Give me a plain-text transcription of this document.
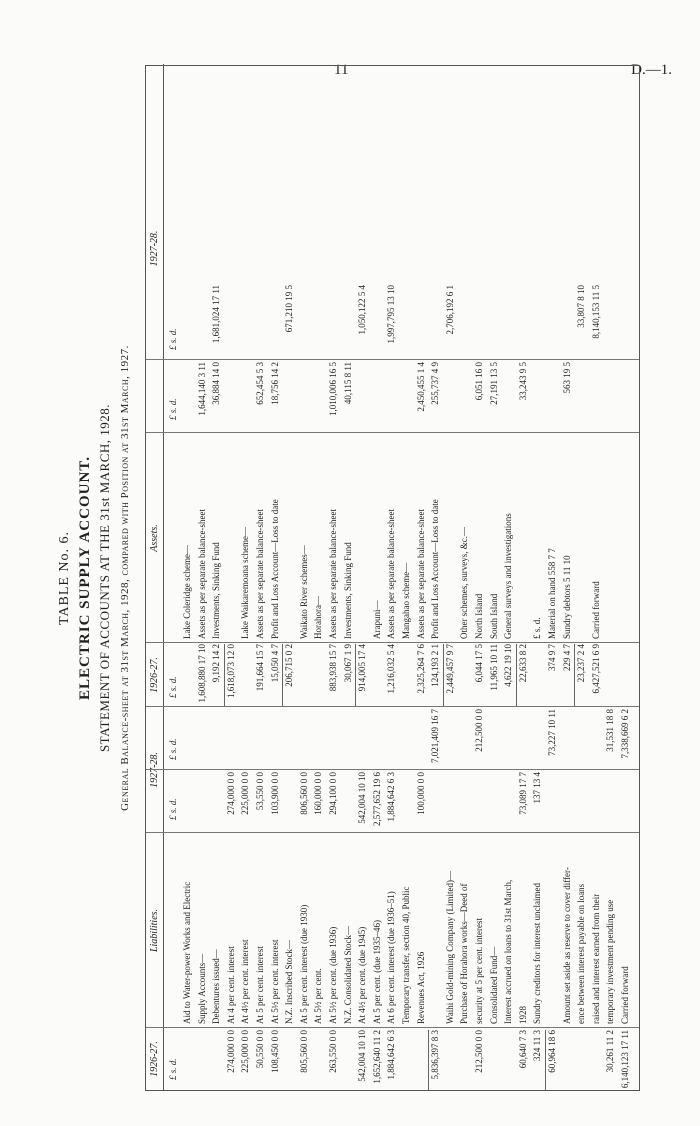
11	D.—1.
TABLE No. 6. ELECTRIC SUPPLY ACCOUNT. STATEMENT OF ACCOUNTS AT THE 31st MARCH, 1928. General Balance-sheet at 31st March, 1928, compared with Position at 31st March, 1927.
1926-27.
Liabilities.
1927-28.
1926-27.
Assets.
1927-28.
£ s. d.
£ s. d.
£ s. d.
£ s. d.
£ s. d.
£ s. d.
Aid to Water-power Works and Electric Supply Accounts— Debentures issued—
274,000 0 0
At 4 per cent. interest
274,000 0 0
225,000 0 0
At 4½ per cent. interest
225,000 0 0
50,550 0 0
At 5 per cent. interest
53,550 0 0
108,450 0 0
At 5½ per cent. interest
103,900 0 0
N.Z. Inscribed Stock—
805,560 0 0
At 5 per cent. interest (due 1930)
806,560 0 0
At 5½ per cent.
160,000 0 0
263,550 0 0
At 5½ per cent. (due 1936)
294,100 0 0
N.Z. Consolidated Stock—
542,004 10 10
At 4½ per cent. (due 1945)
542,004 10 10
1,652,640 11 2
At 5 per cent. (due 1935–46)
2,577,652 19 6
1,884,642 6 3
At 6 per cent. interest (due 1936–51)
1,884,642 6 3
Temporary transfer, section 40, Public Revenues Act, 1926
100,000 0 0
5,836,397 8 3
7,021,409 16 7
Waihi Gold-mining Company (Limited)— Purchase of Horahora works—Deed of
212,500 0 0
security at 5 per cent. interest
212,500 0 0
Consolidated Fund— Interest accrued on loans to 31st March,
60,640 7 3
1928
73,089 17 7
324 11 3
Sundry creditors for interest unclaimed
137 13 4
60,964 18 6
73,227 10 11
Amount set aside as reserve to cover differ- ence between interest payable on loans raised and interest earned from their
30,261 11 2
temporary investment pending use
31,531 18 8
6,140,123 17 11
Carried forward
7,338,669 6 2
Lake Coleridge scheme—
1,608,880 17 10
Assets as per separate balance-sheet
1,644,140 3 11
9,192 14 2
Investments, Sinking Fund
36,884 14 0
1,681,024 17 11
1,618,073 12 0
Lake Waikaremoana scheme—
191,664 15 7
Assets as per separate balance-sheet
652,454 5 3
15,050 4 7
Profit and Loss Account—Loss to date
18,756 14 2
206,715 0 2
671,210 19 5
Waikato River schemes— Horahora—
883,938 15 7
Assets as per separate balance-sheet
1,010,006 16 5
30,067 1 9
Investments, Sinking Fund
40,115 8 11
914,005 17 4
1,050,122 5 4
Arapuni—
1,216,032 5 4
Assets as per separate balance-sheet
1,997,795 13 10
Mangahao scheme—
2,325,264 7 6
Assets as per separate balance-sheet
2,450,455 1 4
124,193 2 1
Profit and Loss Account—Loss to date
255,737 4 9
2,449,457 9 7
2,706,192 6 1
Other schemes, surveys, &c.—
6,044 17 5
North Island
6,051 16 0
11,965 10 11
South Island
27,191 13 5
4,622 19 10
General surveys and investigations
22,633 8 2
33,243 9 5
£ s. d.
374 9 7
Material on hand 558 7 7
229 4 7
Sundry debtors 5 11 10
563 19 5
23,237 2 4
33,807 8 10
6,427,521 6 9
Carried forward
8,140,153 11 5
